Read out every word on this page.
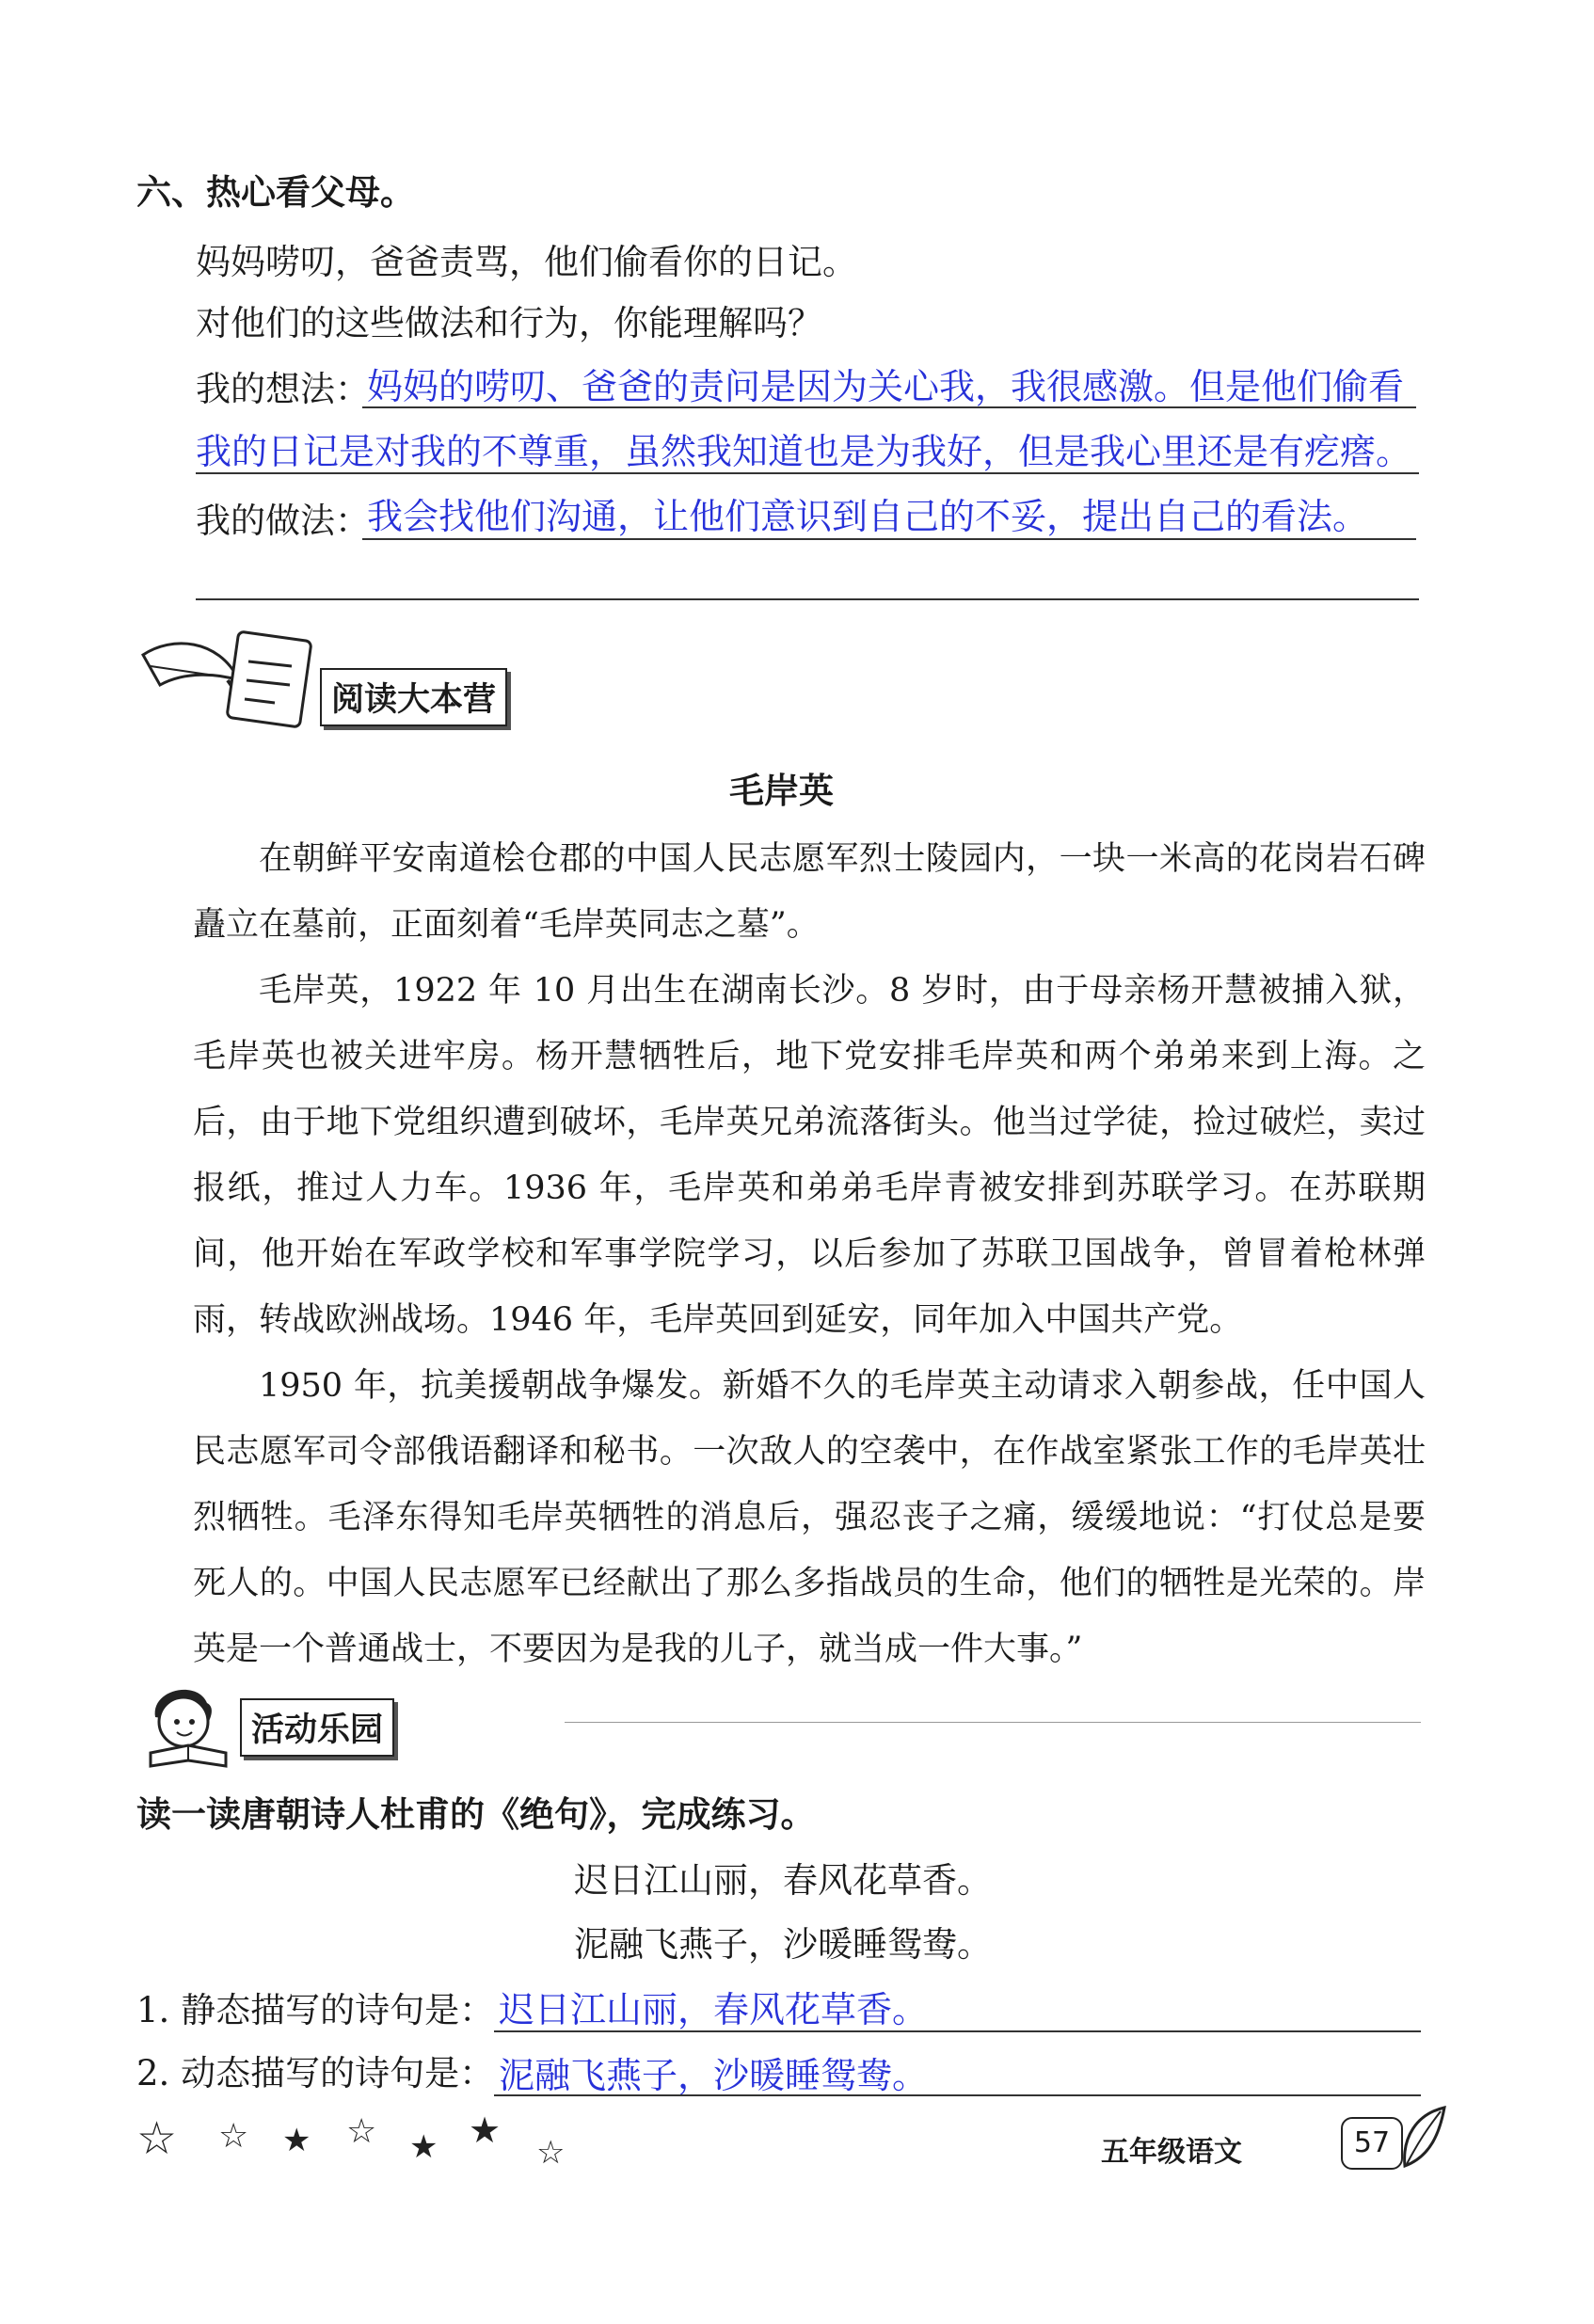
六、热心看父母。
妈妈唠叨，爸爸责骂，他们偷看你的日记。
对他们的这些做法和行为，你能理解吗？
我的想法：
妈妈的唠叨、爸爸的责问是因为关心我，我很感激。但是他们偷看
我的日记是对我的不尊重，虽然我知道也是为我好，但是我心里还是有疙瘩。
我的做法：
我会找他们沟通，让他们意识到自己的不妥，提出自己的看法。
阅读大本营
毛岸英

在朝鲜平安南道桧仓郡的中国人民志愿军烈士陵园内，一块一米高的花岗岩石碑矗立在墓前，正面刻着“毛岸英同志之墓”。

毛岸英，1922 年 10 月出生在湖南长沙。8 岁时，由于母亲杨开慧被捕入狱，毛岸英也被关进牢房。杨开慧牺牲后，地下党安排毛岸英和两个弟弟来到上海。之后，由于地下党组织遭到破坏，毛岸英兄弟流落街头。他当过学徒，捡过破烂，卖过报纸，推过人力车。1936 年，毛岸英和弟弟毛岸青被安排到苏联学习。在苏联期间，他开始在军政学校和军事学院学习，以后参加了苏联卫国战争，曾冒着枪林弹雨，转战欧洲战场。1946 年，毛岸英回到延安，同年加入中国共产党。

1950 年，抗美援朝战争爆发。新婚不久的毛岸英主动请求入朝参战，任中国人民志愿军司令部俄语翻译和秘书。一次敌人的空袭中，在作战室紧张工作的毛岸英壮烈牺牲。毛泽东得知毛岸英牺牲的消息后，强忍丧子之痛，缓缓地说：“打仗总是要死人的。中国人民志愿军已经献出了那么多指战员的生命，他们的牺牲是光荣的。岸英是一个普通战士，不要因为是我的儿子，就当成一件大事。”

活动乐园
读一读唐朝诗人杜甫的《绝句》，完成练习。
迟日江山丽，春风花草香。
泥融飞燕子，沙暖睡鸳鸯。
1. 静态描写的诗句是： 迟日江山丽，春风花草香。
2. 动态描写的诗句是： 泥融飞燕子，沙暖睡鸳鸯。
☆ ☆ ★ ☆ ★ ★
☆	五年级语文	57
